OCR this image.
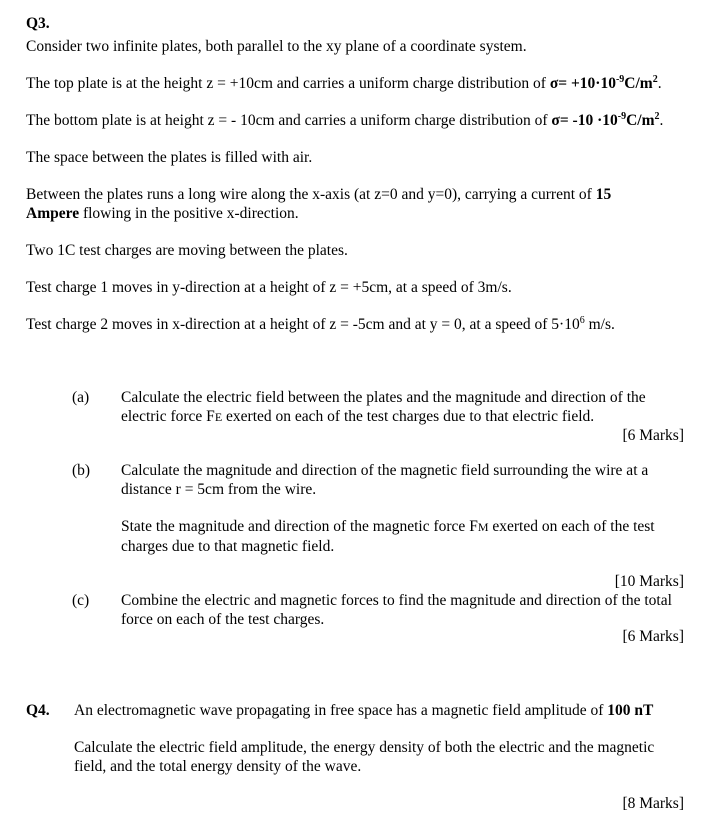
Q3.
Consider two infinite plates, both parallel to the xy plane of a coordinate system.
The top plate is at the height z = +10cm and carries a uniform charge distribution of $\sigma= +10\cdot 10^{-9}C/m^2$.
The bottom plate is at height z = - 10cm and carries a uniform charge distribution of $\sigma= -10 \cdot 10^{-9}C/m^2$.
The space between the plates is filled with air.
Between the plates runs a long wire along the x-axis (at z=0 and y=0), carrying a current of 15 Ampere flowing in the positive x-direction.
Two 1C test charges are moving between the plates.
Test charge 1 moves in y-direction at a height of z = +5cm, at a speed of 3m/s.
Test charge 2 moves in x-direction at a height of z = -5cm and at y = 0, at a speed of $5\cdot 10^6$ m/s.
(a) Calculate the electric field between the plates and the magnitude and direction of the electric force FE exerted on each of the test charges due to that electric field.
[6 Marks]
(b) Calculate the magnitude and direction of the magnetic field surrounding the wire at a distance r = 5cm from the wire.
State the magnitude and direction of the magnetic force FM exerted on each of the test charges due to that magnetic field.
[10 Marks]
(c) Combine the electric and magnetic forces to find the magnitude and direction of the total force on each of the test charges.
[6 Marks]
Q4. An electromagnetic wave propagating in free space has a magnetic field amplitude of 100 nT
Calculate the electric field amplitude, the energy density of both the electric and the magnetic field, and the total energy density of the wave.
[8 Marks]
